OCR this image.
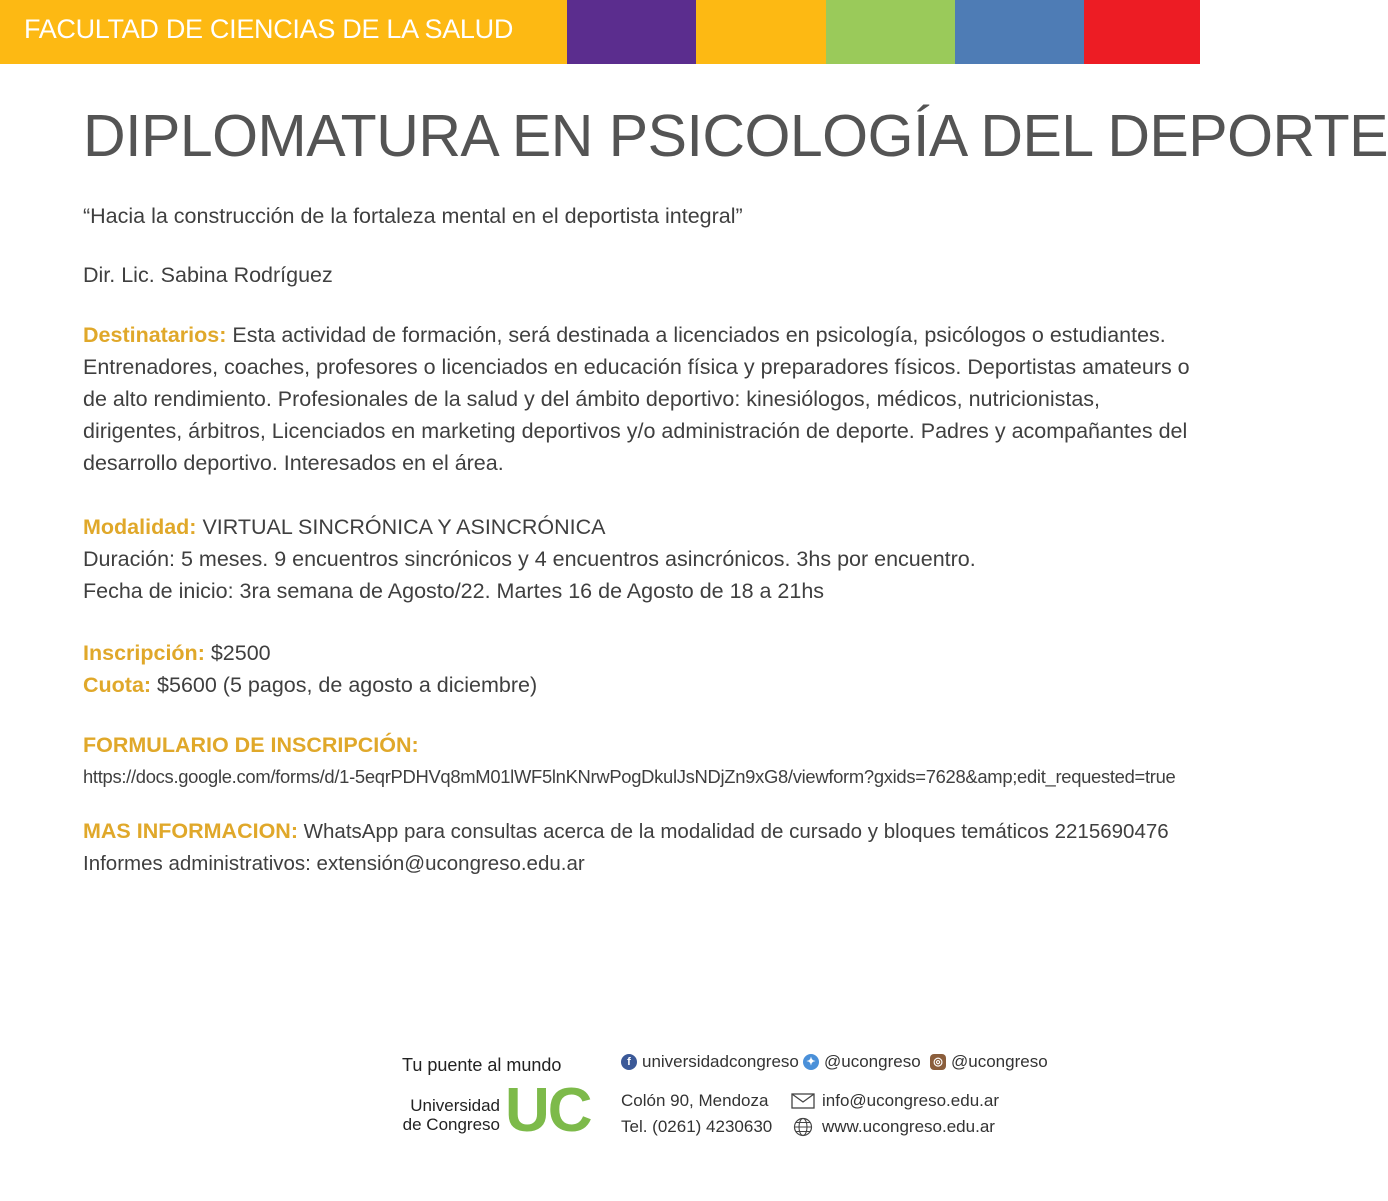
FACULTAD DE CIENCIAS DE LA SALUD
DIPLOMATURA EN PSICOLOGÍA DEL DEPORTE

“Hacia la construcción de la fortaleza mental en el deportista integral”

Dir. Lic. Sabina Rodríguez

Destinatarios: Esta actividad de formación, será destinada a licenciados en psicología, psicólogos o estudiantes. Entrenadores, coaches, profesores o licenciados en educación física y preparadores físicos. Deportistas amateurs o de alto rendimiento. Profesionales de la salud y del ámbito deportivo: kinesiólogos, médicos, nutricionistas, dirigentes, árbitros, Licenciados en marketing deportivos y/o administración de deporte. Padres y acompañantes del desarrollo deportivo. Interesados en el área.

Modalidad: VIRTUAL SINCRÓNICA Y ASINCRÓNICA

Duración: 5 meses. 9 encuentros sincrónicos y 4 encuentros asincrónicos. 3hs por encuentro.

Fecha de inicio: 3ra semana de Agosto/22. Martes 16 de Agosto de 18 a 21hs

Inscripción: $2500

Cuota: $5600 (5 pagos, de agosto a diciembre)

FORMULARIO DE INSCRIPCIÓN:

https://docs.google.com/forms/d/1-5eqrPDHVq8mM01lWF5lnKNrwPogDkulJsNDjZn9xG8/viewform?gxids=7628&amp;edit_requested=true

MAS INFORMACION: WhatsApp para consultas acerca de la modalidad de cursado y bloques temáticos 2215690476

Informes administrativos: extensión@ucongreso.edu.ar

Tu puente al mundo
Universidad
de Congreso UC
f universidadcongreso ✦ @ucongreso ◎ @ucongreso
Colón 90, Mendoza
Tel. (0261) 4230630
info@ucongreso.edu.ar
www.ucongreso.edu.ar
